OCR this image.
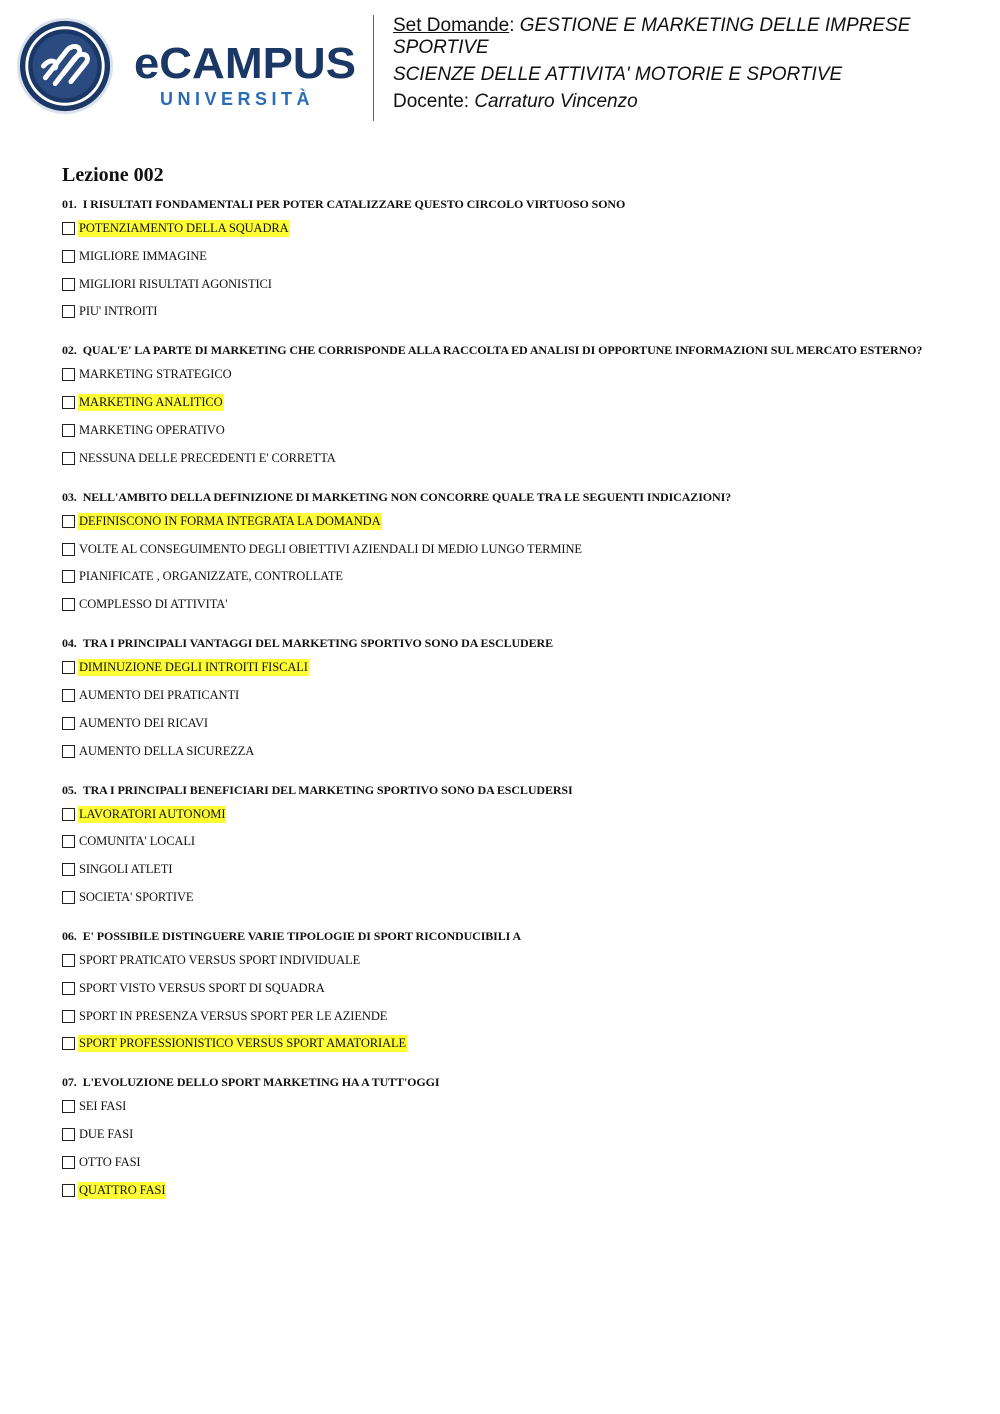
eCAMPUS
UNIVERSITÀ
Set Domande: GESTIONE E MARKETING DELLE IMPRESE SPORTIVE
SCIENZE DELLE ATTIVITA' MOTORIE E SPORTIVE
Docente: Carraturo Vincenzo
Lezione 002
01. I RISULTATI FONDAMENTALI PER POTER CATALIZZARE QUESTO CIRCOLO VIRTUOSO SONO
POTENZIAMENTO DELLA SQUADRA
MIGLIORE IMMAGINE
MIGLIORI RISULTATI AGONISTICI
PIU' INTROITI
02. QUAL'E' LA PARTE DI MARKETING CHE CORRISPONDE ALLA RACCOLTA ED ANALISI DI OPPORTUNE INFORMAZIONI SUL MERCATO ESTERNO?
MARKETING STRATEGICO
MARKETING ANALITICO
MARKETING OPERATIVO
NESSUNA DELLE PRECEDENTI E' CORRETTA
03. NELL'AMBITO DELLA DEFINIZIONE DI MARKETING NON CONCORRE QUALE TRA LE SEGUENTI INDICAZIONI?
DEFINISCONO IN FORMA INTEGRATA LA DOMANDA
VOLTE AL CONSEGUIMENTO DEGLI OBIETTIVI AZIENDALI DI MEDIO LUNGO TERMINE
PIANIFICATE , ORGANIZZATE, CONTROLLATE
COMPLESSO DI ATTIVITA'
04. TRA I PRINCIPALI VANTAGGI DEL MARKETING SPORTIVO SONO DA ESCLUDERE
DIMINUZIONE DEGLI INTROITI FISCALI
AUMENTO DEI PRATICANTI
AUMENTO DEI RICAVI
AUMENTO DELLA SICUREZZA
05. TRA I PRINCIPALI BENEFICIARI DEL MARKETING SPORTIVO SONO DA ESCLUDERSI
LAVORATORI AUTONOMI
COMUNITA' LOCALI
SINGOLI ATLETI
SOCIETA' SPORTIVE
06. E' POSSIBILE DISTINGUERE VARIE TIPOLOGIE DI SPORT RICONDUCIBILI A
SPORT PRATICATO VERSUS SPORT INDIVIDUALE
SPORT VISTO VERSUS SPORT DI SQUADRA
SPORT IN PRESENZA VERSUS SPORT PER LE AZIENDE
SPORT PROFESSIONISTICO VERSUS SPORT AMATORIALE
07. L'EVOLUZIONE DELLO SPORT MARKETING HA A TUTT'OGGI
SEI FASI
DUE FASI
OTTO FASI
QUATTRO FASI
